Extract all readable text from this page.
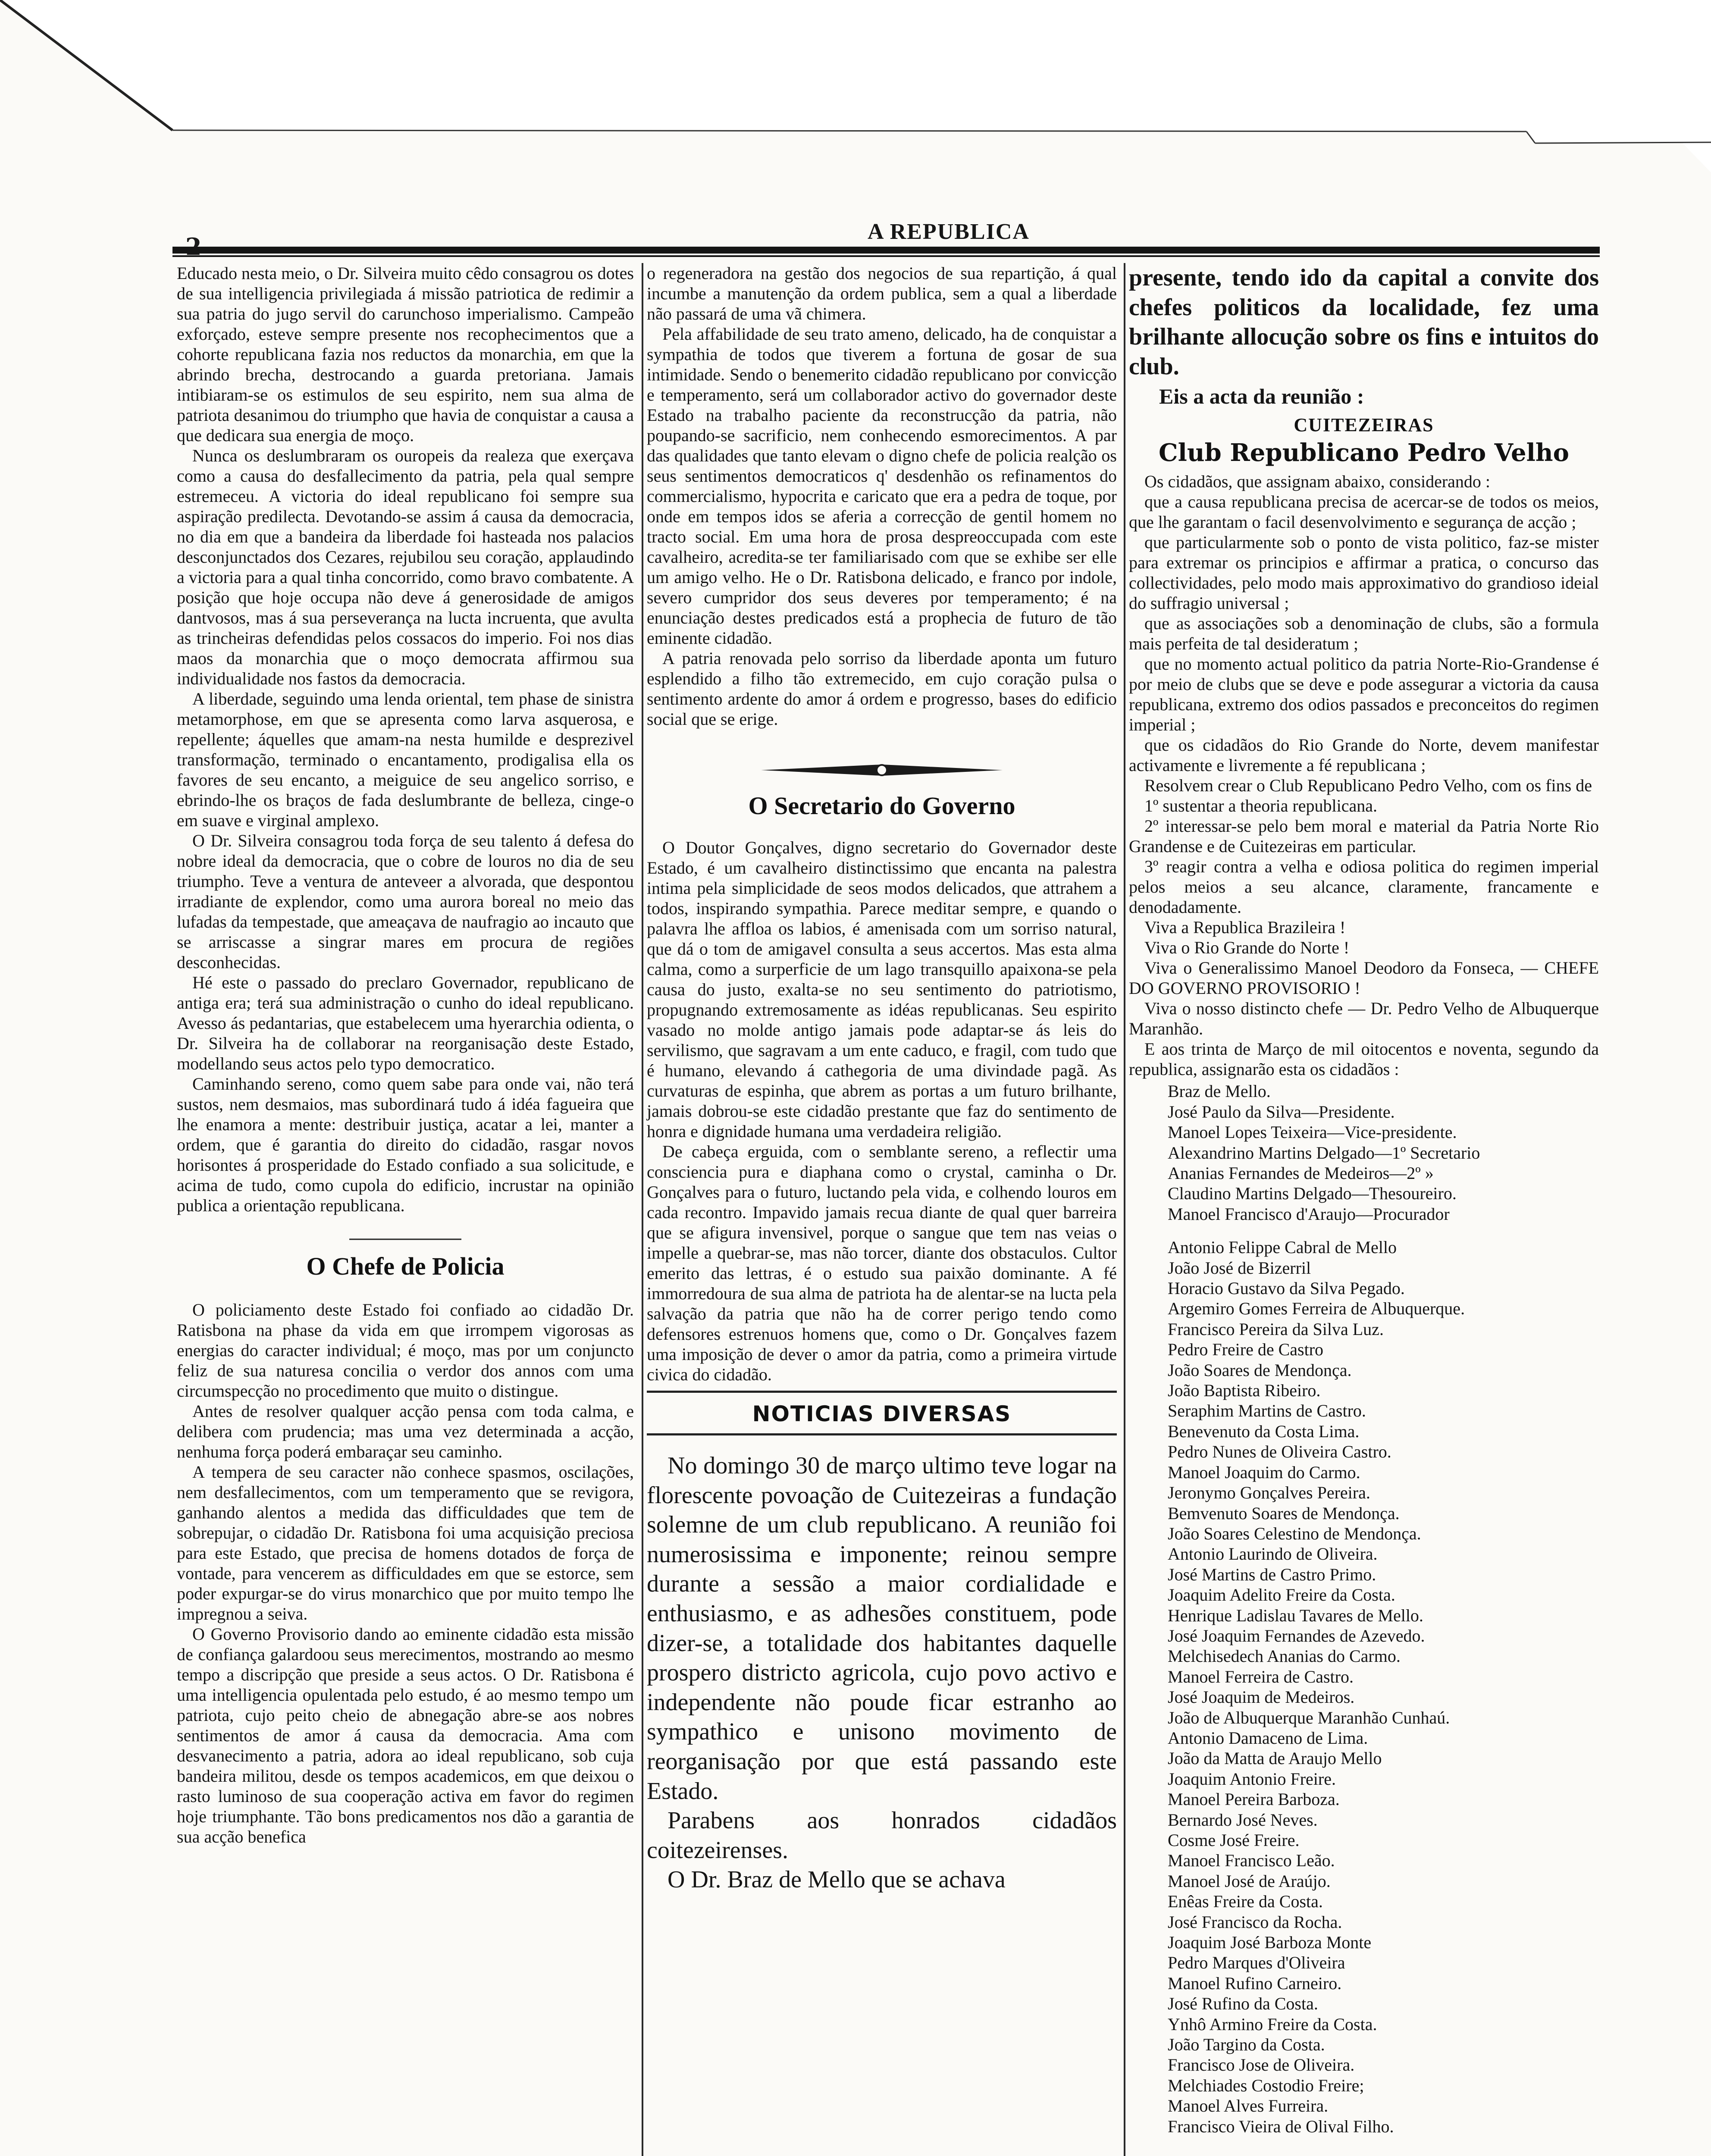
A REPUBLICA

Educado nesta meio, o Dr. Silveira muito cêdo consagrou os dotes de sua intelligencia privilegiada á missão patriotica de redimir a sua patria do jugo servil do carunchoso imperialismo. Campeão exforçado, esteve sempre presente nos recophecimentos que a cohorte republicana fazia nos reductos da monarchia, em que la abrindo brecha, destrocando a guarda pretoriana. Jamais intibiaram-se os estimulos de seu espirito, nem sua alma de patriota desanimou do triumpho que havia de conquistar a causa a que dedicara sua energia de moço.

Nunca os deslumbraram os ouropeis da realeza que exerçava como a causa do desfallecimento da patria, pela qual sempre estremeceu. A victoria do ideal republicano foi sempre sua aspiração predilecta. Devotando-se assim á causa da democracia, no dia em que a bandeira da liberdade foi hasteada nos palacios desconjunctados dos Cezares, rejubilou seu coração, applaudindo a victoria para a qual tinha concorrido, como bravo combatente. A posição que hoje occupa não deve á generosidade de amigos dantvosos, mas á sua perseverança na lucta incruenta, que avulta as trincheiras defendidas pelos cossacos do imperio. Foi nos dias maos da monarchia que o moço democrata affirmou sua individualidade nos fastos da democracia.

A liberdade, seguindo uma lenda oriental, tem phase de sinistra metamorphose, em que se apresenta como larva asquerosa, e repellente; áquelles que amam-na nesta humilde e desprezivel transformação, terminado o encantamento, prodigalisa ella os favores de seu encanto, a meiguice de seu angelico sorriso, e ebrindo-lhe os braços de fada deslumbrante de belleza, cinge-o em suave e virginal amplexo.

O Dr. Silveira consagrou toda força de seu talento á defesa do nobre ideal da democracia, que o cobre de louros no dia de seu triumpho. Teve a ventura de anteveer a alvorada, que despontou irradiante de explendor, como uma aurora boreal no meio das lufadas da tempestade, que ameaçava de naufragio ao incauto que se arriscasse a singrar mares em procura de regiões desconhecidas.

Hé este o passado do preclaro Governador, republicano de antiga era; terá sua administração o cunho do ideal republicano. Avesso ás pedantarias, que estabelecem uma hyerarchia odienta, o Dr. Silveira ha de collaborar na reorganisação deste Estado, modellando seus actos pelo typo democratico.

Caminhando sereno, como quem sabe para onde vai, não terá sustos, nem desmaios, mas subordinará tudo á idéa fagueira que lhe enamora a mente: destribuir justiça, acatar a lei, manter a ordem, que é garantia do direito do cidadão, rasgar novos horisontes á prosperidade do Estado confiado a sua solicitude, e acima de tudo, como cupola do edificio, incrustar na opinião publica a orientação republicana.

O Chefe de Policia

O policiamento deste Estado foi confiado ao cidadão Dr. Ratisbona na phase da vida em que irrompem vigorosas as energias do caracter individual; é moço, mas por um conjuncto feliz de sua naturesa concilia o verdor dos annos com uma circumspecção no procedimento que muito o distingue.

Antes de resolver qualquer acção pensa com toda calma, e delibera com prudencia; mas uma vez determinada a acção, nenhuma força poderá embaraçar seu caminho.

A tempera de seu caracter não conhece spasmos, oscilações, nem desfallecimentos, com um temperamento que se revigora, ganhando alentos a medida das difficuldades que tem de sobrepujar, o cidadão Dr. Ratisbona foi uma acquisição preciosa para este Estado, que precisa de homens dotados de força de vontade, para vencerem as difficuldades em que se estorce, sem poder expurgar-se do virus monarchico que por muito tempo lhe impregnou a seiva.

O Governo Provisorio dando ao eminente cidadão esta missão de confiança galardoou seus merecimentos, mostrando ao mesmo tempo a discripção que preside a seus actos. O Dr. Ratisbona é uma intelligencia opulentada pelo estudo, é ao mesmo tempo um patriota, cujo peito cheio de abnegação abre-se aos nobres sentimentos de amor á causa da democracia. Ama com desvanecimento a patria, adora ao ideal republicano, sob cuja bandeira militou, desde os tempos academicos, em que deixou o rasto luminoso de sua cooperação activa em favor do regimen hoje triumphante. Tão bons predicamentos nos dão a garantia de sua acção benefica

o regeneradora na gestão dos negocios de sua repartição, á qual incumbe a manutenção da ordem publica, sem a qual a liberdade não passará de uma vã chimera.

Pela affabilidade de seu trato ameno, delicado, ha de conquistar a sympathia de todos que tiverem a fortuna de gosar de sua intimidade. Sendo o benemerito cidadão republicano por convicção e temperamento, será um collaborador activo do governador deste Estado na trabalho paciente da reconstrucção da patria, não poupando-se sacrificio, nem conhecendo esmorecimentos. A par das qualidades que tanto elevam o digno chefe de policia realção os seus sentimentos democraticos q' desdenhão os refinamentos do commercialismo, hypocrita e caricato que era a pedra de toque, por onde em tempos idos se aferia a correcção de gentil homem no tracto social. Em uma hora de prosa despreoccupada com este cavalheiro, acredita-se ter familiarisado com que se exhibe ser elle um amigo velho. He o Dr. Ratisbona delicado, e franco por indole, severo cumpridor dos seus deveres por temperamento; é na enunciação destes predicados está a prophecia de futuro de tão eminente cidadão.

A patria renovada pelo sorriso da liberdade aponta um futuro esplendido a filho tão extremecido, em cujo coração pulsa o sentimento ardente do amor á ordem e progresso, bases do edificio social que se erige.

O Secretario do Governo

O Doutor Gonçalves, digno secretario do Governador deste Estado, é um cavalheiro distinctissimo que encanta na palestra intima pela simplicidade de seos modos delicados, que attrahem a todos, inspirando sympathia. Parece meditar sempre, e quando o palavra lhe affloa os labios, é amenisada com um sorriso natural, que dá o tom de amigavel consulta a seus accertos. Mas esta alma calma, como a surperficie de um lago transquillo apaixona-se pela causa do justo, exalta-se no seu sentimento do patriotismo, propugnando extremosamente as idéas republicanas. Seu espirito vasado no molde antigo jamais pode adaptar-se ás leis do servilismo, que sagravam a um ente caduco, e fragil, com tudo que é humano, elevando á cathegoria de uma divindade pagã. As curvaturas de espinha, que abrem as portas a um futuro brilhante, jamais dobrou-se este cidadão prestante que faz do sentimento de honra e dignidade humana uma verdadeira religião.

De cabeça erguida, com o semblante sereno, a reflectir uma consciencia pura e diaphana como o crystal, caminha o Dr. Gonçalves para o futuro, luctando pela vida, e colhendo louros em cada recontro. Impavido jamais recua diante de qual quer barreira que se afigura invensivel, porque o sangue que tem nas veias o impelle a quebrar-se, mas não torcer, diante dos obstaculos. Cultor emerito das lettras, é o estudo sua paixão dominante. A fé immorredoura de sua alma de patriota ha de alentar-se na lucta pela salvação da patria que não ha de correr perigo tendo como defensores estrenuos homens que, como o Dr. Gonçalves fazem uma imposição de dever o amor da patria, como a primeira virtude civica do cidadão.

NOTICIAS DIVERSAS

No domingo 30 de março ultimo teve logar na florescente povoação de Cuitezeiras a fundação solemne de um club republicano. A reunião foi numerosissima e imponente; reinou sempre durante a sessão a maior cordialidade e enthusiasmo, e as adhesões constituem, pode dizer-se, a totalidade dos habitantes daquelle prospero districto agricola, cujo povo activo e independente não poude ficar estranho ao sympathico e unisono movimento de reorganisação por que está passando este Estado.

Parabens aos honrados cidadãos coitezeirenses.

O Dr. Braz de Mello que se achava

presente, tendo ido da capital a convite dos chefes politicos da localidade, fez uma brilhante allocução sobre os fins e intuitos do club.

Eis a acta da reunião :
CUITEZEIRAS
Club Republicano Pedro Velho

Os cidadãos, que assignam abaixo, considerando :

que a causa republicana precisa de acercar-se de todos os meios, que lhe garantam o facil desenvolvimento e segurança de acção ;

que particularmente sob o ponto de vista politico, faz-se mister para extremar os principios e affirmar a pratica, o concurso das collectividades, pelo modo mais approximativo do grandioso ideial do suffragio universal ;

que as associações sob a denominação de clubs, são a formula mais perfeita de tal desideratum ;

que no momento actual politico da patria Norte-Rio-Grandense é por meio de clubs que se deve e pode assegurar a victoria da causa republicana, extremo dos odios passados e preconceitos do regimen imperial ;

que os cidadãos do Rio Grande do Norte, devem manifestar activamente e livremente a fé republicana ;

Resolvem crear o Club Republicano Pedro Velho, com os fins de

1º sustentar a theoria republicana.

2º interessar-se pelo bem moral e material da Patria Norte Rio Grandense e de Cuitezeiras em particular.

3º reagir contra a velha e odiosa politica do regimen imperial pelos meios a seu alcance, claramente, francamente e denodadamente.

Viva a Republica Brazileira !

Viva o Rio Grande do Norte !

Viva o Generalissimo Manoel Deodoro da Fonseca, — CHEFE DO GOVERNO PROVISORIO !

Viva o nosso distincto chefe — Dr. Pedro Velho de Albuquerque Maranhão.

E aos trinta de Março de mil oitocentos e noventa, segundo da republica, assignarão esta os cidadãos :

Braz de Mello.
José Paulo da Silva—Presidente.
Manoel Lopes Teixeira—Vice-presidente.
Alexandrino Martins Delgado—1º Secretario
Ananias Fernandes de Medeiros—2º »
Claudino Martins Delgado—Thesoureiro.
Manoel Francisco d'Araujo—Procurador
Antonio Felippe Cabral de Mello
João José de Bizerril
Horacio Gustavo da Silva Pegado.
Argemiro Gomes Ferreira de Albuquerque.
Francisco Pereira da Silva Luz.
Pedro Freire de Castro
João Soares de Mendonça.
João Baptista Ribeiro.
Seraphim Martins de Castro.
Benevenuto da Costa Lima.
Pedro Nunes de Oliveira Castro.
Manoel Joaquim do Carmo.
Jeronymo Gonçalves Pereira.
Bemvenuto Soares de Mendonça.
João Soares Celestino de Mendonça.
Antonio Laurindo de Oliveira.
José Martins de Castro Primo.
Joaquim Adelito Freire da Costa.
Henrique Ladislau Tavares de Mello.
José Joaquim Fernandes de Azevedo.
Melchisedech Ananias do Carmo.
Manoel Ferreira de Castro.
José Joaquim de Medeiros.
João de Albuquerque Maranhão Cunhaú.
Antonio Damaceno de Lima.
João da Matta de Araujo Mello
Joaquim Antonio Freire.
Manoel Pereira Barboza.
Bernardo José Neves.
Cosme José Freire.
Manoel Francisco Leão.
Manoel José de Araújo.
Enêas Freire da Costa.
José Francisco da Rocha.
Joaquim José Barboza Monte
Pedro Marques d'Oliveira
Manoel Rufino Carneiro.
José Rufino da Costa.
Ynhô Armino Freire da Costa.
João Targino da Costa.
Francisco Jose de Oliveira.
Melchiades Costodio Freire;
Manoel Alves Furreira.
Francisco Vieira de Olival Filho.
